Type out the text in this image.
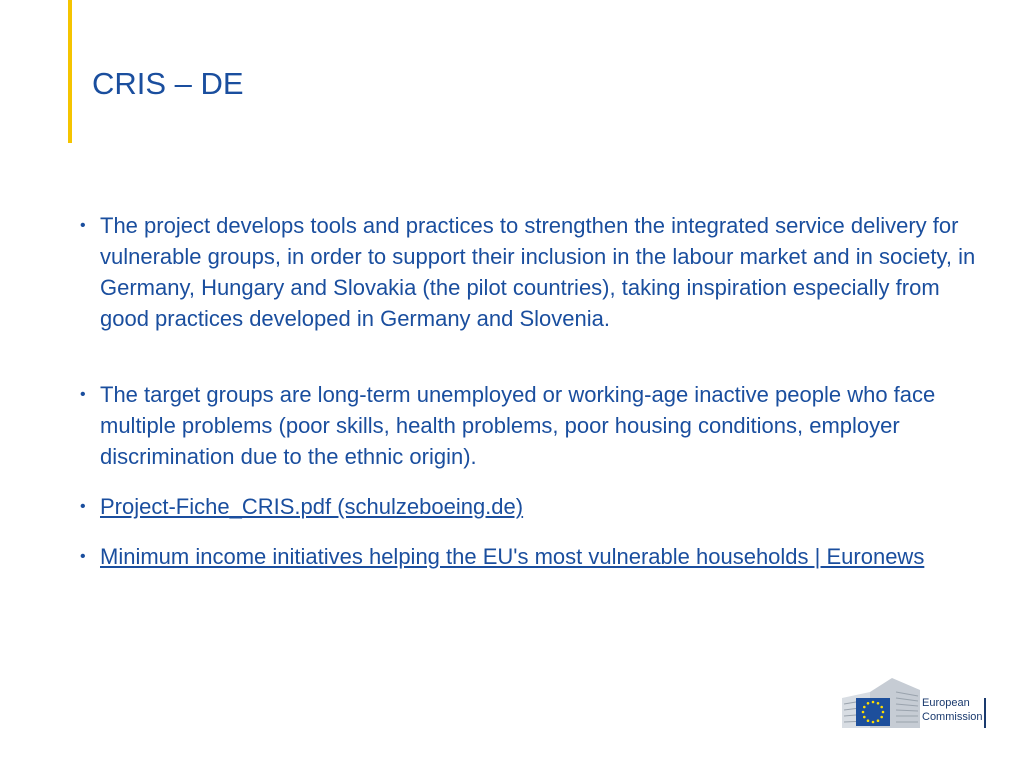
CRIS – DE
• The project develops tools and practices to strengthen the integrated service delivery for vulnerable groups, in order to support their inclusion in the labour market and in society, in Germany, Hungary and Slovakia (the pilot countries), taking inspiration especially from good practices developed in Germany and Slovenia.
• The target groups are long-term unemployed or working-age inactive people who face multiple problems (poor skills, health problems, poor housing conditions, employer discrimination due to the ethnic origin).
• Project-Fiche_CRIS.pdf (schulzeboeing.de)
• Minimum income initiatives helping the EU's most vulnerable households | Euronews
European
Commission
